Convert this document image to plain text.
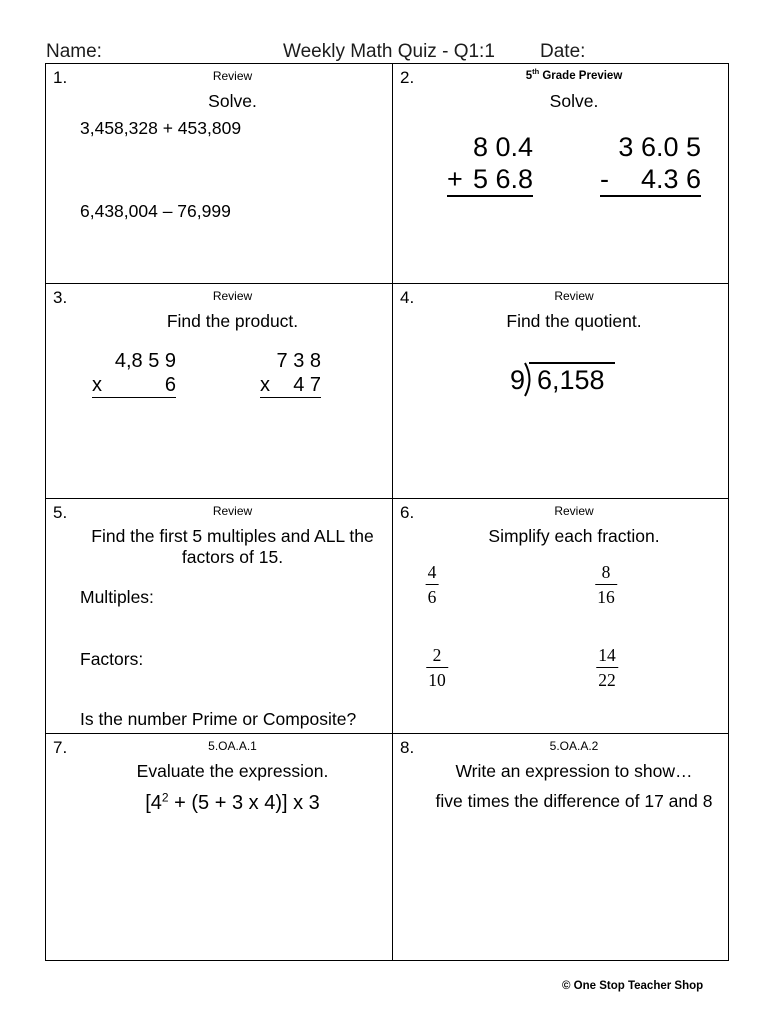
Name:	Weekly Math Quiz - Q1:1 Date:
1.	Review
Solve.
3,458,328 + 453,809
6,438,004 – 76,999
2.	5th Grade Preview
Solve.
8 0.4
+ 5 6.8
3 6.0 5
- 4.3 6
3.	Review
Find the product.
4,8 5 9
x	6
7 3 8
x 4 7
4.	Review
Find the quotient.
9 6,158
5.	Review
Find the first 5 multiples and ALL the
factors of 15.
Multiples:
Factors:
Is the number Prime or Composite?
6.	Review
Simplify each fraction.
4
6
8
16
2
10
14
22
7.	5.OA.A.1
Evaluate the expression.
[$4^2 + (5 + 3$ x 4)] x 3
8.	5.OA.A.2
Write an expression to show…
five times the difference of 17 and 8
© One Stop Teacher Shop
